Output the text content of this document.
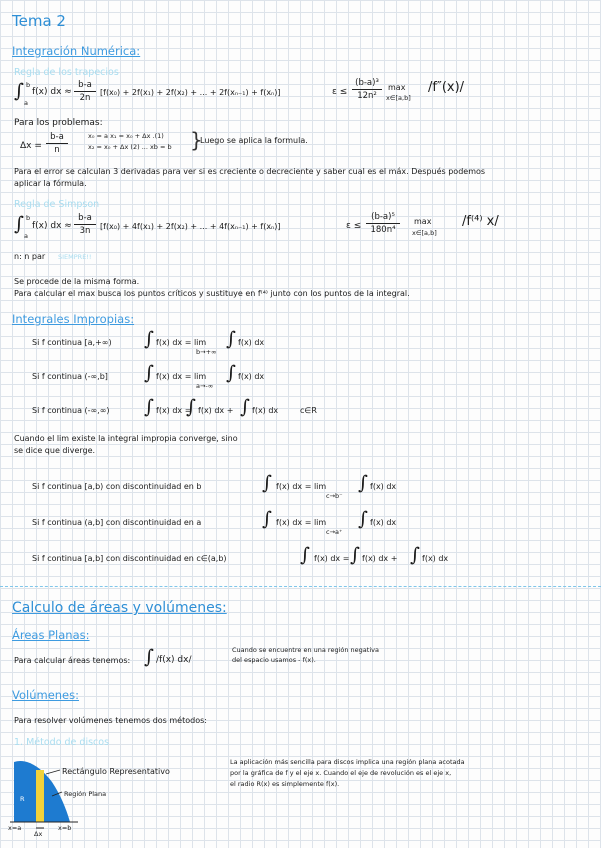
Tema 2
Integración Numérica:
Regla de los trapecios
∫ b
a
f(x) dx ≈
b-a
2n
[f(x₀) + 2f(x₁) + 2f(x₂) + ... + 2f(xₙ₋₁) + f(xₙ)]	ε ≤
(b-a)³
12n²
max
x∈[a,b]
/f″(x)/
Para los problemas:
Δx =
b-a
n
x₀ = a x₁ = x₀ + Δx .(1)
x₂ = x₀ + Δx (2) ... xb = b }
Luego se aplica la formula.
Para el error se calculan 3 derivadas para ver si es creciente o decreciente y saber cual es el máx. Después podemos
aplicar la fórmula.
Regla de Simpson
∫ b
a
f(x) dx ≈
b-a
3n	[f(x₀) + 4f(x₁) + 2f(x₂) + ... + 4f(xₙ₋₁) + f(xₙ)]	ε ≤
(b-a)⁵
180n⁴
max
x∈[a,b]
/f⁽⁴⁾ x/
n: n par SIEMPRE!!
Se procede de la misma forma.
Para calcular el max busca los puntos críticos y sustituye en f⁽⁴⁾ junto con los puntos de la integral.
Integrales Impropias:
Si f continua [a,+∞) ∫ f(x) dx = lim
b→+∞
∫ f(x) dx
Si f continua (-∞,b] ∫ f(x) dx = lim
a→-∞
∫ f(x) dx
Si f continua (-∞,∞) ∫ f(x) dx =
∫ f(x) dx + ∫ f(x) dx	c∈R
Cuando el lim existe la integral impropia converge, sino
se dice que diverge.
Si f continua [a,b) con discontinuidad en b	∫ f(x) dx = lim
c→b⁻
∫ f(x) dx
Si f continua (a,b] con discontinuidad en a	∫ f(x) dx = lim
c→a⁺
∫ f(x) dx
Si f continua [a,b] con discontinuidad en c∈(a,b)	∫ f(x) dx = ∫ f(x) dx + ∫ f(x) dx
Calculo de áreas y volúmenes:
Áreas Planas:
Para calcular áreas tenemos: ∫ /f(x) dx/
Cuando se encuentre en una región negativa
del espacio usamos - f(x).
Volúmenes:
Para resolver volúmenes tenemos dos métodos:
1. Método de discos
R
x=a	x=b
Δx
Rectángulo Representativo
Región Plana
La aplicación más sencilla para discos implica una región plana acotada
por la gráfica de f y el eje x. Cuando el eje de revolución es el eje x,
el radio R(x) es simplemente f(x).
